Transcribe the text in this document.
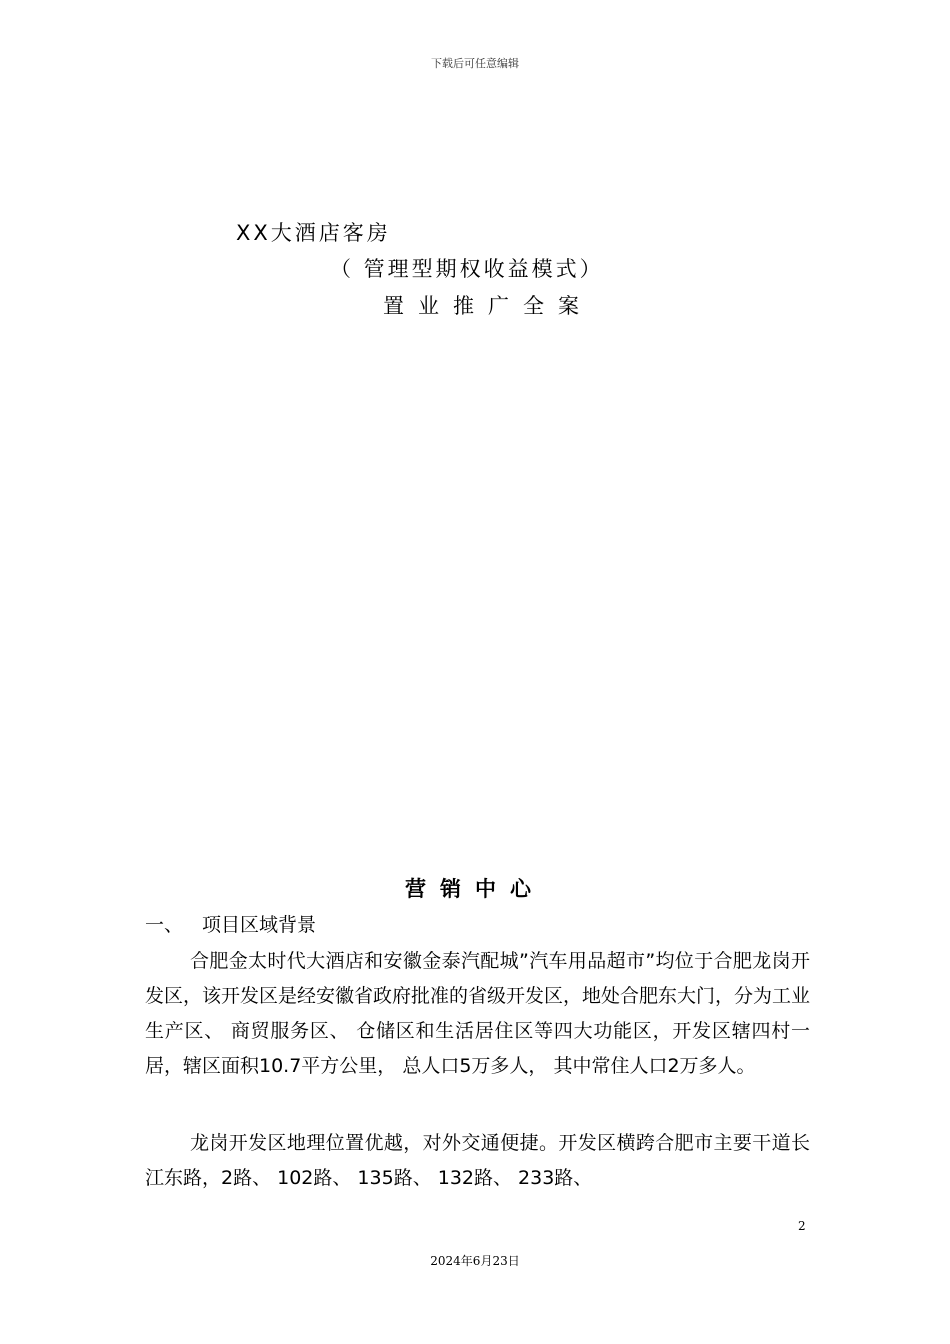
下载后可任意编辑
XX大酒店客房
（ 管理型期权收益模式）
置业推广全案
营销中心
一、 项目区域背景

合肥金太时代大酒店和安徽金泰汽配城”汽车用品超市”均位于合肥龙岗开发区，该开发区是经安徽省政府批准的省级开发区，地处合肥东大门，分为工业生产区、 商贸服务区、 仓储区和生活居住区等四大功能区，开发区辖四村一居，辖区面积10.7平方公里， 总人口5万多人， 其中常住人口2万多人。

龙岗开发区地理位置优越，对外交通便捷。开发区横跨合肥市主要干道长江东路，2路、 102路、 135路、 132路、 233路、

2
2024年6月23日
